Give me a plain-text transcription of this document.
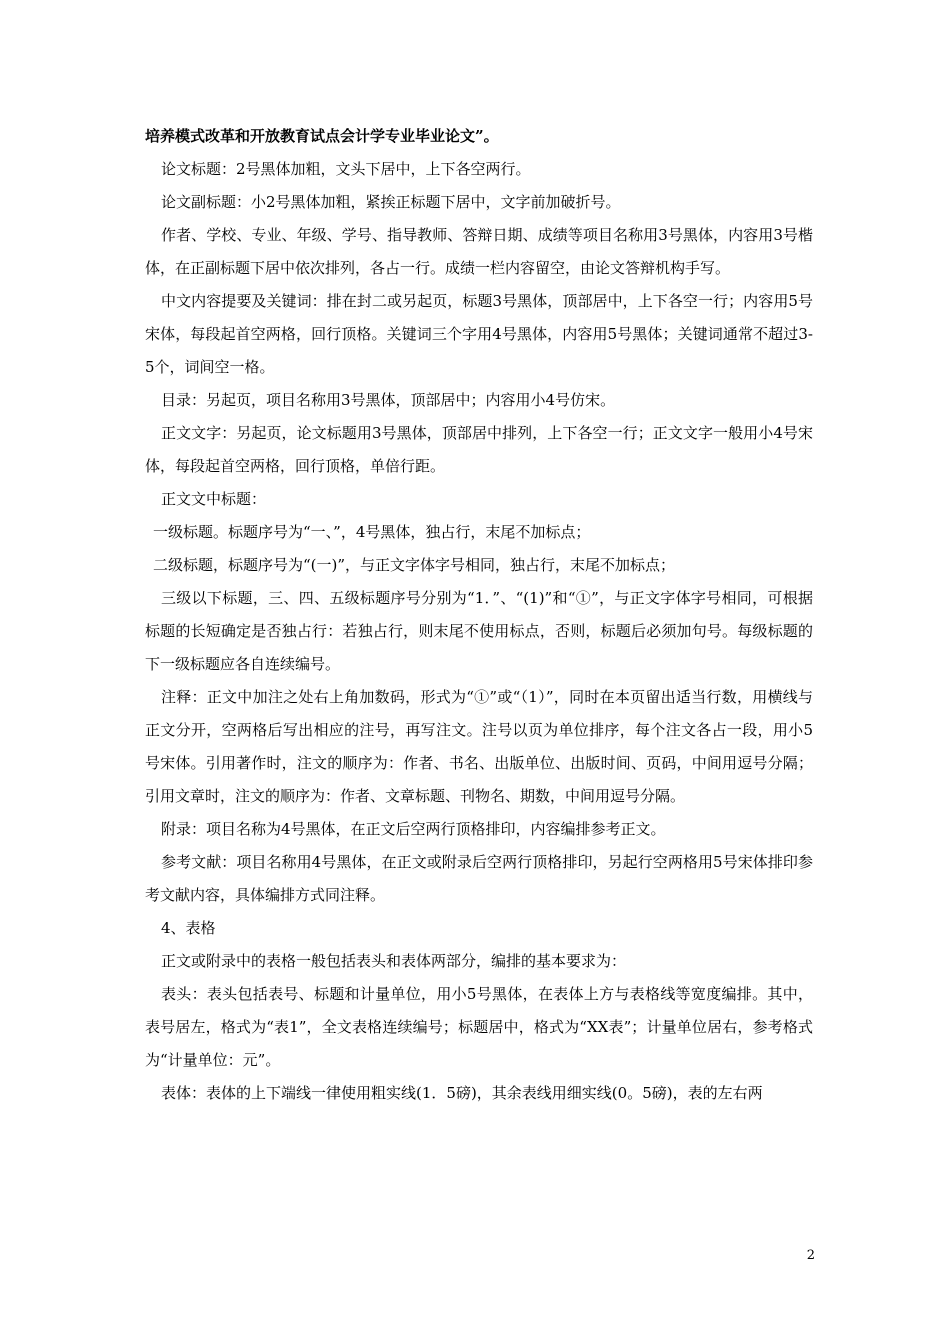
培养模式改革和开放教育试点会计学专业毕业论文”。

论文标题：2号黑体加粗，文头下居中，上下各空两行。

论文副标题：小2号黑体加粗，紧挨正标题下居中，文字前加破折号。

作者、学校、专业、年级、学号、指导教师、答辩日期、成绩等项目名称用3号黑体，内容用3号楷体，在正副标题下居中依次排列，各占一行。成绩一栏内容留空，由论文答辩机构手写。

中文内容提要及关键词：排在封二或另起页，标题3号黑体，顶部居中，上下各空一行；内容用5号宋体，每段起首空两格，回行顶格。关键词三个字用4号黑体，内容用5号黑体；关键词通常不超过3-5个，词间空一格。

目录：另起页，项目名称用3号黑体，顶部居中；内容用小4号仿宋。

正文文字：另起页，论文标题用3号黑体，顶部居中排列，上下各空一行；正文文字一般用小4号宋体，每段起首空两格，回行顶格，单倍行距。

正文文中标题：

一级标题。标题序号为“一、”，4号黑体，独占行，末尾不加标点；

二级标题，标题序号为“(一)”，与正文字体字号相同，独占行，末尾不加标点；

三级以下标题，三、四、五级标题序号分别为“1．”、“(1)”和“①”，与正文字体字号相同，可根据标题的长短确定是否独占行：若独占行，则末尾不使用标点，否则，标题后必须加句号。每级标题的下一级标题应各自连续编号。

注释：正文中加注之处右上角加数码，形式为“①”或“（1）”，同时在本页留出适当行数，用横线与正文分开，空两格后写出相应的注号，再写注文。注号以页为单位排序，每个注文各占一段，用小5号宋体。引用著作时，注文的顺序为：作者、书名、出版单位、出版时间、页码，中间用逗号分隔；引用文章时，注文的顺序为：作者、文章标题、刊物名、期数，中间用逗号分隔。

附录：项目名称为4号黑体，在正文后空两行顶格排印，内容编排参考正文。

参考文献：项目名称用4号黑体，在正文或附录后空两行顶格排印，另起行空两格用5号宋体排印参考文献内容，具体编排方式同注释。

4、表格

正文或附录中的表格一般包括表头和表体两部分，编排的基本要求为：

表头：表头包括表号、标题和计量单位，用小5号黑体，在表体上方与表格线等宽度编排。其中，表号居左，格式为“表1”，全文表格连续编号；标题居中，格式为“XX表”；计量单位居右，参考格式为“计量单位：元”。

表体：表体的上下端线一律使用粗实线(1．5磅)，其余表线用细实线(0。5磅)，表的左右两

2
